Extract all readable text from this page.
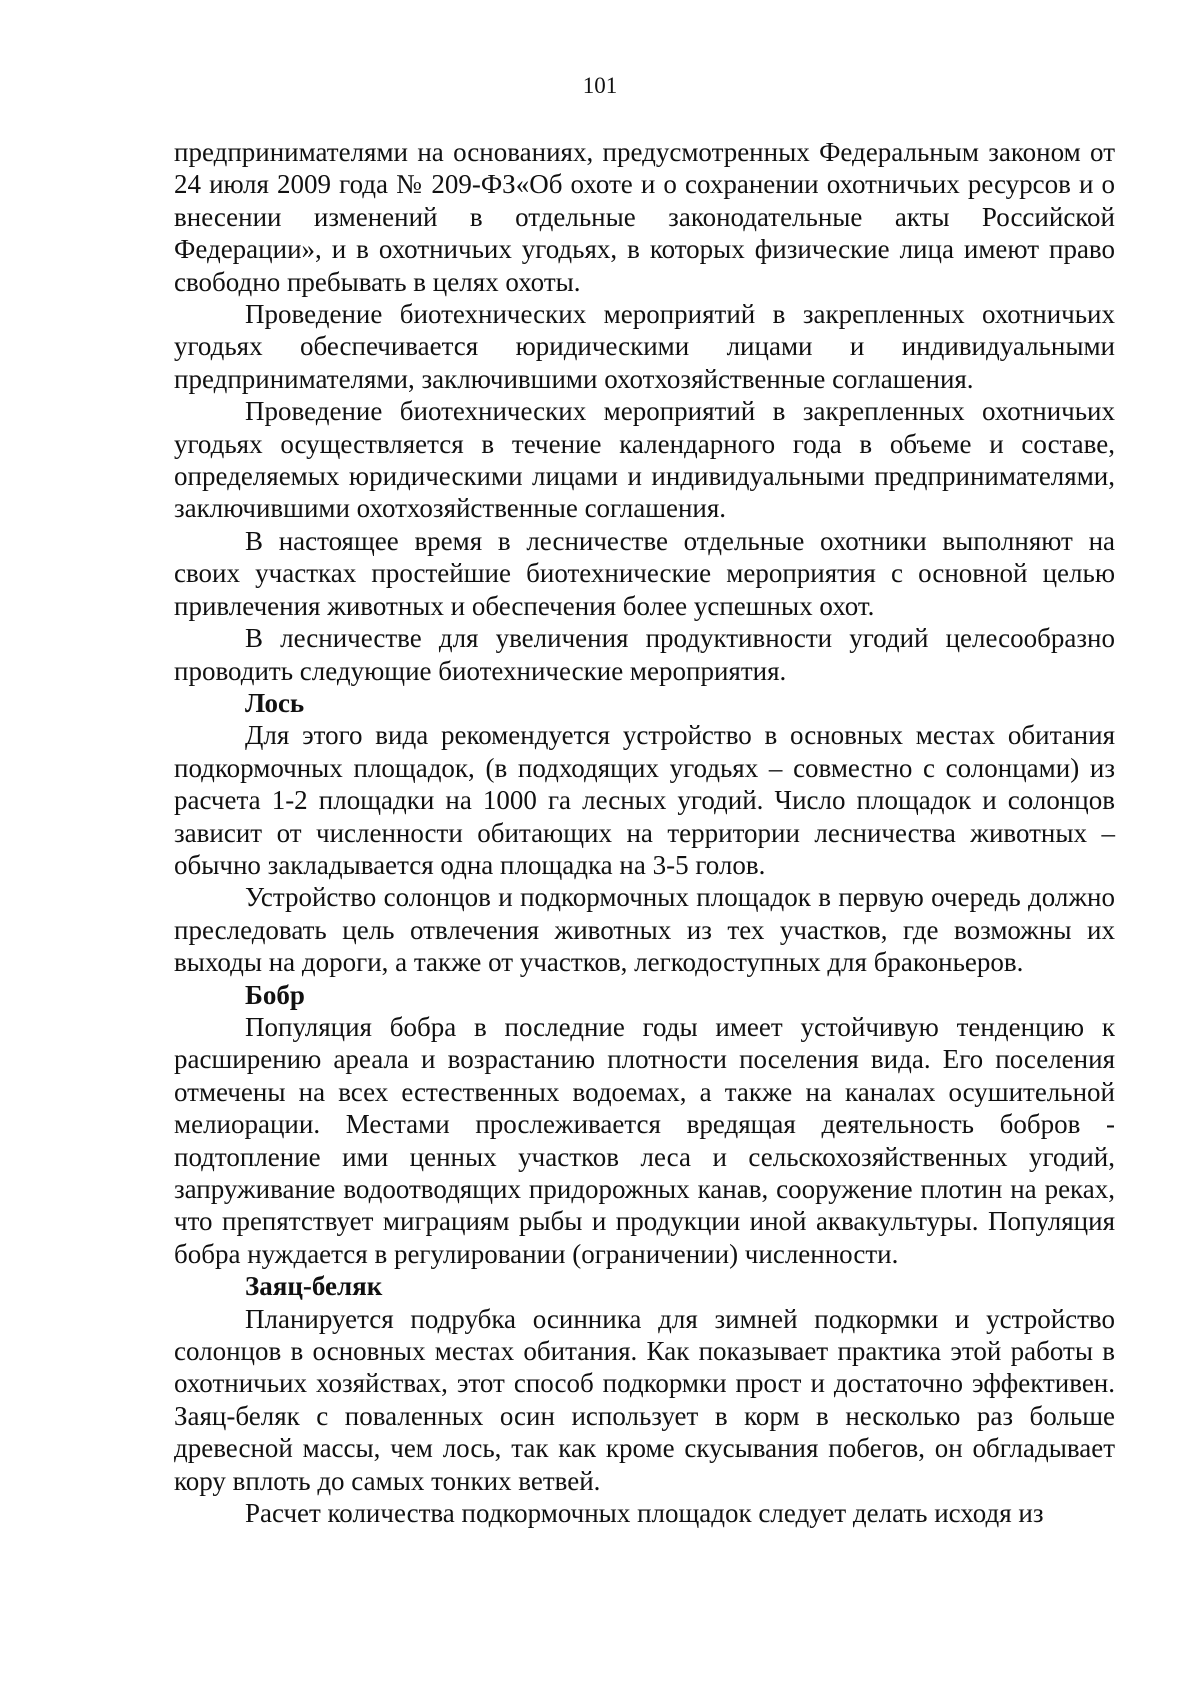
101

предпринимателями на основаниях, предусмотренных Федеральным законом от 24 июля 2009 года № 209-ФЗ«Об охоте и о сохранении охотничьих ресурсов и о внесении изменений в отдельные законодательные акты Российской Федерации», и в охотничьих угодьях, в которых физические лица имеют право свободно пребывать в целях охоты.

Проведение биотехнических мероприятий в закрепленных охотничьих угодьях обеспечивается юридическими лицами и индивидуальными предпринимателями, заключившими охотхозяйственные соглашения.

Проведение биотехнических мероприятий в закрепленных охотничьих угодьях осуществляется в течение календарного года в объеме и составе, определяемых юридическими лицами и индивидуальными предпринимателями, заключившими охотхозяйственные соглашения.

В настоящее время в лесничестве отдельные охотники выполняют на своих участках простейшие биотехнические мероприятия с основной целью привлечения животных и обеспечения более успешных охот.

В лесничестве для увеличения продуктивности угодий целесообразно проводить следующие биотехнические мероприятия.

Лось

Для этого вида рекомендуется устройство в основных местах обитания подкормочных площадок, (в подходящих угодьях – совместно с солонцами) из расчета 1-2 площадки на 1000 га лесных угодий. Число площадок и солонцов зависит от численности обитающих на территории лесничества животных – обычно закладывается одна площадка на 3-5 голов.

Устройство солонцов и подкормочных площадок в первую очередь должно преследовать цель отвлечения животных из тех участков, где возможны их выходы на дороги, а также от участков, легкодоступных для браконьеров.

Бобр

Популяция бобра в последние годы имеет устойчивую тенденцию к расширению ареала и возрастанию плотности поселения вида. Его поселения отмечены на всех естественных водоемах, а также на каналах осушительной мелиорации. Местами прослеживается вредящая деятельность бобров - подтопление ими ценных участков леса и сельскохозяйственных угодий, запруживание водоотводящих придорожных канав, сооружение плотин на реках, что препятствует миграциям рыбы и продукции иной аквакультуры. Популяция бобра нуждается в регулировании (ограничении) численности.

Заяц-беляк

Планируется подрубка осинника для зимней подкормки и устройство солонцов в основных местах обитания. Как показывает практика этой работы в охотничьих хозяйствах, этот способ подкормки прост и достаточно эффективен. Заяц-беляк с поваленных осин использует в корм в несколько раз больше древесной массы, чем лось, так как кроме скусывания побегов, он обгладывает кору вплоть до самых тонких ветвей.

Расчет количества подкормочных площадок следует делать исходя из
